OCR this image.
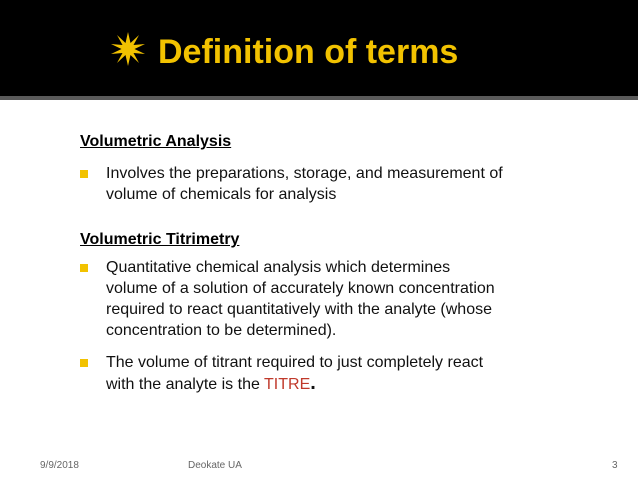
Definition of terms
Volumetric Analysis
Involves the preparations, storage, and measurement of
volume of chemicals for analysis
Volumetric Titrimetry
Quantitative chemical analysis which determines
volume of a solution of accurately known concentration
required to react quantitatively with the analyte (whose
concentration to be determined).
The volume of titrant required to just completely react
with the analyte is the TITRE.
9/9/2018	Deokate UA	3
